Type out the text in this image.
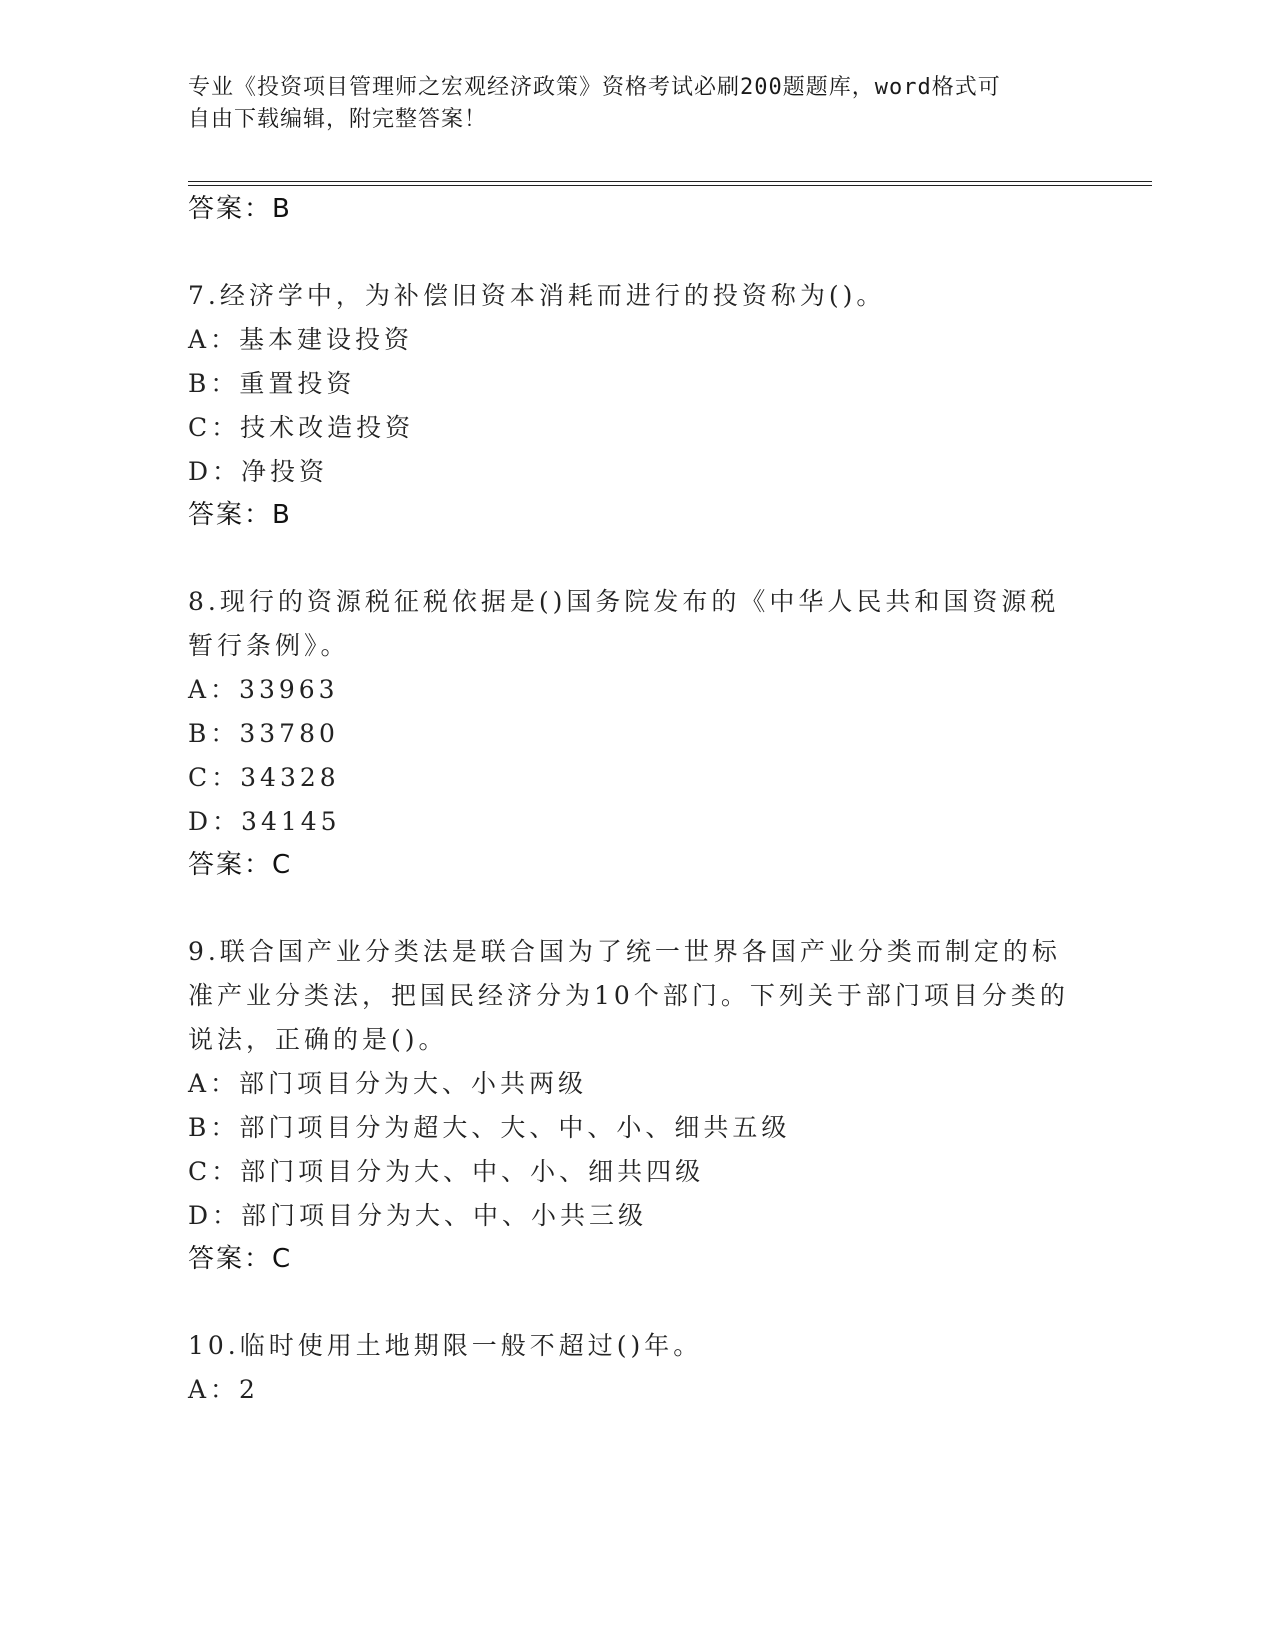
专业《投资项目管理师之宏观经济政策》资格考试必刷200题题库，word格式可
自由下载编辑，附完整答案！
答案：B
7.经济学中，为补偿旧资本消耗而进行的投资称为()。
A：基本建设投资
B：重置投资
C：技术改造投资
D：净投资
答案：B
8.现行的资源税征税依据是()国务院发布的《中华人民共和国资源税
暂行条例》。
A：33963
B：33780
C：34328
D：34145
答案：C
9.联合国产业分类法是联合国为了统一世界各国产业分类而制定的标
准产业分类法，把国民经济分为10个部门。下列关于部门项目分类的
说法，正确的是()。
A：部门项目分为大、小共两级
B：部门项目分为超大、大、中、小、细共五级
C：部门项目分为大、中、小、细共四级
D：部门项目分为大、中、小共三级
答案：C
10.临时使用土地期限一般不超过()年。
A：2
